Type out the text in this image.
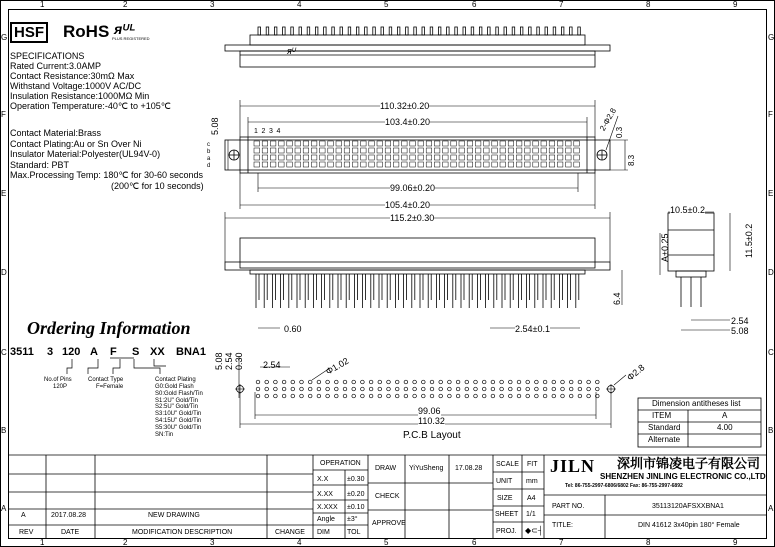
1
1
2
2
3
3
4
4
5
5
6
6
7
7
8
8
9
9
G	G
F	F
E	E
D	D
C	C
B	B
A	A
ᴙᵁ
HSF RoHS ᴙᵁᴸ
PLUS REGISTERED
SPECIFICATIONS
Rated Current:3.0AMP
Contact Resistance:30mΩ Max
Withstand Voltage:1000V AC/DC
Insulation Resistance:1000MΩ Min
Operation Temperature:-40℃ to +105℃
Contact Material:Brass
Contact Plating:Au or Sn Over Ni
Insulator Material:Polyester(UL94V-0)
Standard: PBT
Max.Processing Temp: 180℃ for 30-60 seconds
(200℃ for 10 seconds)
Ordering Information
3511 3 120 A F S XX BNA1
No.of Pins
120P
Contact Type
F=Female
Contact Plating
G0:Gold Flash
S0:Gold Flash/Tin
S1:2U" Gold/Tin
S2:5U" Gold/Tin
S3:10U" Gold/Tin
S4:15U" Gold/Tin
S5:30U" Gold/Tin
SN:Tin
110.32±0.20
103.4±0.20
99.06±0.20
105.4±0.20
5.08	2-Φ2.8
0.3
8.3
1 2 3 4
c
b
a
d
115.2±0.30
0.60	2.54±0.1
6.4
10.5±0.2
11.5±0.2
A±0.25
2.54
5.08
5.08 2.54 0.30 2.54	Φ1.02	Φ2.8
99.06
110.32
P.C.B Layout
Dimension antitheses list
ITEM	A
Standard	4.00
Alternate
A	2017.08.28	NEW DRAWING
REV	DATE	MODIFICATION DESCRIPTION	CHANGE
OPERATION
X.X	±0.30
X.XX ±0.20
X.XXX ±0.10
Angle ±3°
DIM TOL
DRAW YiYuSheng 17.08.28
CHECK
APPROVE
SCALE FIT
UNIT mm
SIZE A4
SHEET 1/1
PROJ. ◆⊂┤
JILN 深圳市锦凌电子有限公司
SHENZHEN JINLING ELECTRONIC CO.,LTD
Tel: 86-755-2997-6806/6802 Fax: 86-755-2997-6892
PART NO.	35113120AFSXXBNA1
TITLE:	DIN 41612 3x40pin 180° Female
